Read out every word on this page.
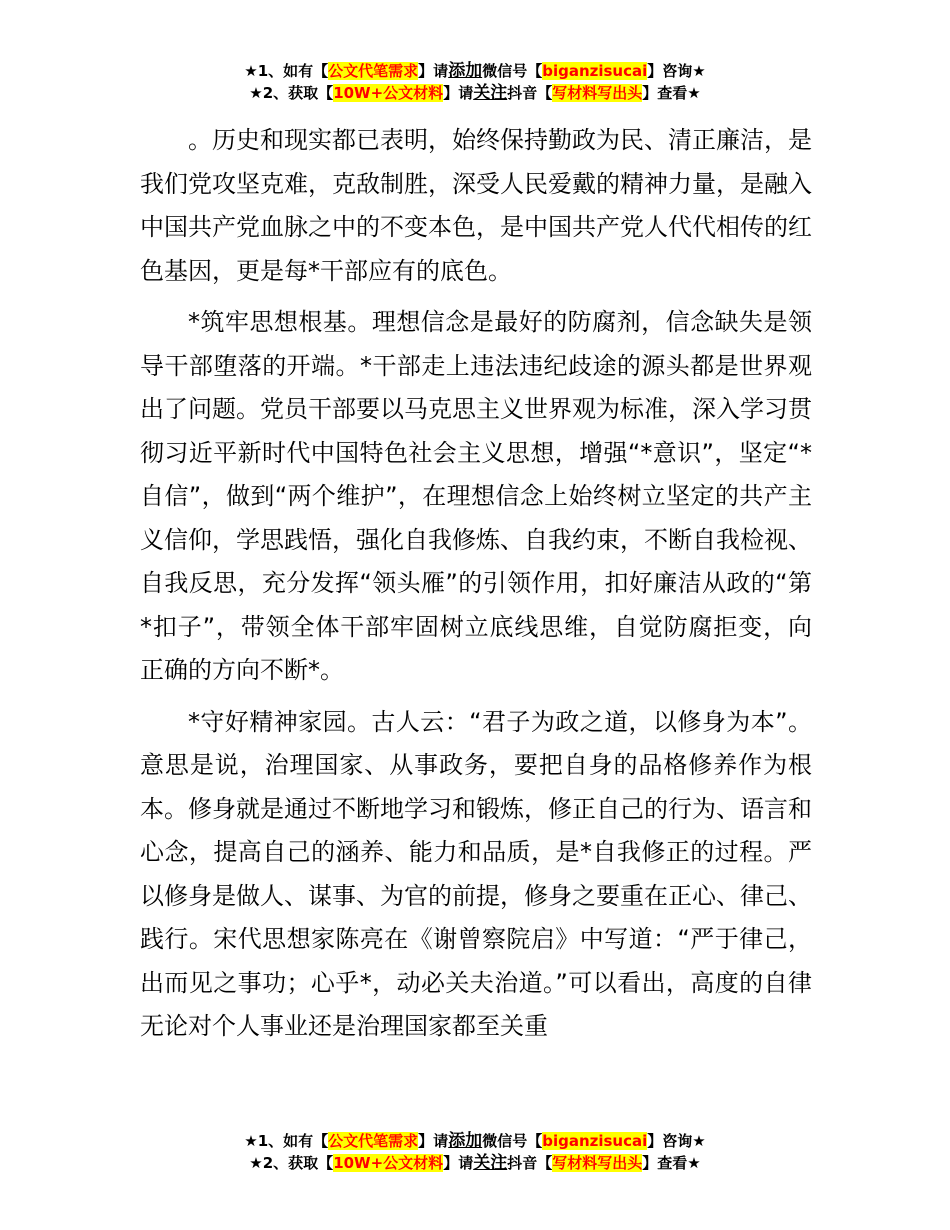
★1、如有【公文代笔需求】请添加微信号【biganzisucai】咨询★
★2、获取【10W+公文材料】请关注抖音【写材料写出头】查看★

。历史和现实都已表明，始终保持勤政为民、清正廉洁，是我们党攻坚克难，克敌制胜，深受人民爱戴的精神力量，是融入中国共产党血脉之中的不变本色，是中国共产党人代代相传的红色基因，更是每*干部应有的底色。

*筑牢思想根基。理想信念是最好的防腐剂，信念缺失是领导干部堕落的开端。*干部走上违法违纪歧途的源头都是世界观出了问题。党员干部要以马克思主义世界观为标准，深入学习贯彻习近平新时代中国特色社会主义思想，增强“*意识”，坚定“*自信”，做到“两个维护”，在理想信念上始终树立坚定的共产主义信仰，学思践悟，强化自我修炼、自我约束，不断自我检视、自我反思，充分发挥“领头雁”的引领作用，扣好廉洁从政的“第*扣子”，带领全体干部牢固树立底线思维，自觉防腐拒变，向正确的方向不断*。

*守好精神家园。古人云：“君子为政之道，以修身为本”。意思是说，治理国家、从事政务，要把自身的品格修养作为根本。修身就是通过不断地学习和锻炼，修正自己的行为、语言和心念，提高自己的涵养、能力和品质，是*自我修正的过程。严以修身是做人、谋事、为官的前提，修身之要重在正心、律己、践行。宋代思想家陈亮在《谢曾察院启》中写道：“严于律己，出而见之事功；心乎*，动必关夫治道。”可以看出，高度的自律无论对个人事业还是治理国家都至关重

★1、如有【公文代笔需求】请添加微信号【biganzisucai】咨询★
★2、获取【10W+公文材料】请关注抖音【写材料写出头】查看★
